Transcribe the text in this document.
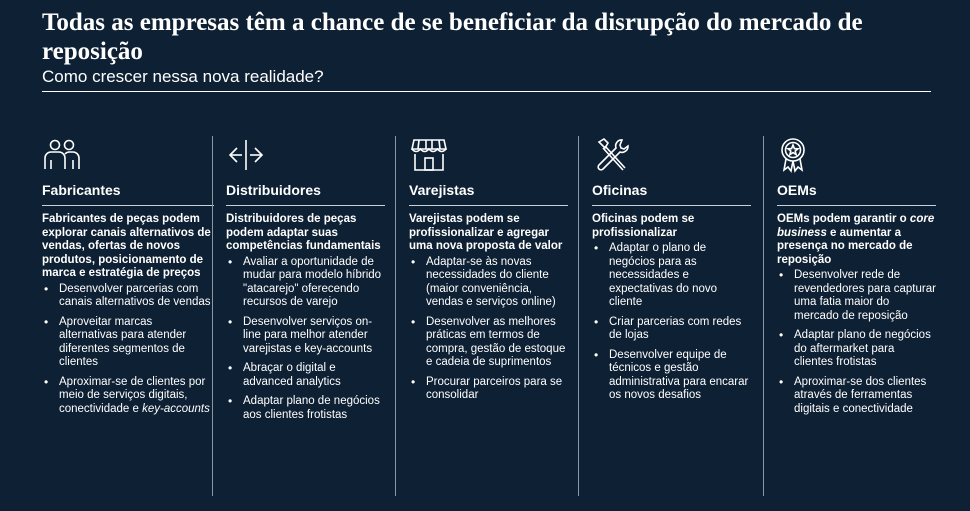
Todas as empresas têm a chance de se beneficiar da disrupção do mercado de reposição
Como crescer nessa nova realidade?
Fabricantes
Fabricantes de peças podem explorar canais alternativos de vendas, ofertas de novos produtos, posicionamento de marca e estratégia de preços
• Desenvolver parcerias com canais alternativos de vendas
• Aproveitar marcas alternativas para atender diferentes segmentos de clientes
• Aproximar-se de clientes por meio de serviços digitais, conectividade e key-accounts
Distribuidores
Distribuidores de peças podem adaptar suas competências fundamentais
• Avaliar a oportunidade de mudar para modelo híbrido "atacarejo" oferecendo recursos de varejo
• Desenvolver serviços on-line para melhor atender varejistas e key-accounts
• Abraçar o digital e advanced analytics
• Adaptar plano de negócios aos clientes frotistas
Varejistas
Varejistas podem se profissionalizar e agregar uma nova proposta de valor
• Adaptar-se às novas necessidades do cliente (maior conveniência, vendas e serviços online)
• Desenvolver as melhores práticas em termos de compra, gestão de estoque e cadeia de suprimentos
• Procurar parceiros para se consolidar
Oficinas
Oficinas podem se profissionalizar
• Adaptar o plano de negócios para as necessidades e expectativas do novo cliente
• Criar parcerias com redes de lojas
• Desenvolver equipe de técnicos e gestão administrativa para encarar os novos desafios
OEMs
OEMs podem garantir o core business e aumentar a presença no mercado de reposição
• Desenvolver rede de revendedores para capturar uma fatia maior do mercado de reposição
• Adaptar plano de negócios do aftermarket para clientes frotistas
• Aproximar-se dos clientes através de ferramentas digitais e conectividade
